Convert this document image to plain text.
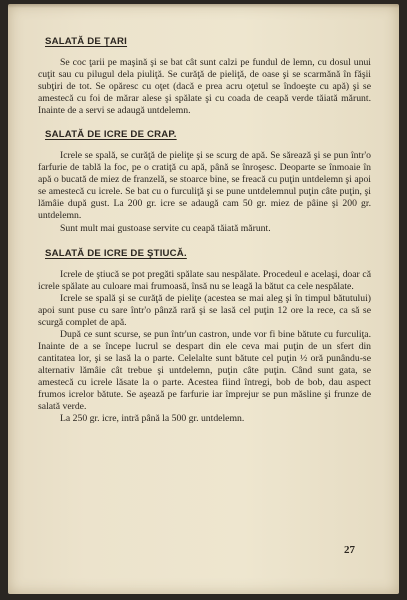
SALATĂ DE ŢARI

Se coc ţarii pe maşină şi se bat cât sunt calzi pe fundul de lemn, cu dosul unui cuţit sau cu pilugul dela piuliţă. Se curăţă de pieliţă, de oase şi se scarmănă în făşii subţiri de tot. Se opăresc cu oţet (dacă e prea acru oţetul se îndoeşte cu apă) şi se amestecă cu foi de mărar alese şi spălate şi cu coada de ceapă verde tăiată mărunt. Inainte de a servi se adaugă untdelemn.

SALATĂ DE ICRE DE CRAP.

Icrele se spală, se curăţă de pieliţe şi se scurg de apă. Se sărează şi se pun într'o farfurie de tablă la foc, pe o cratiţă cu apă, până se înroşesc. Deoparte se înmoaie în apă o bucată de miez de franzelă, se stoarce bine, se freacă cu puţin untdelemn şi apoi se amestecă cu icrele. Se bat cu o furculiţă şi se pune untdelemnul puţin câte puţin, şi lămâie după gust. La 200 gr. icre se adaugă cam 50 gr. miez de pâine şi 200 gr. untdelemn.

Sunt mult mai gustoase servite cu ceapă tăiată mărunt.

SALATĂ DE ICRE DE ŞTIUCĂ.

Icrele de ştiucă se pot pregăti spălate sau nespălate. Procedeul e acelaşi, doar că icrele spălate au culoare mai frumoasă, însă nu se leagă la bătut ca cele nespălate.

Icrele se spală şi se curăţă de pieliţe (acestea se mai aleg şi în timpul bătutului) apoi sunt puse cu sare într'o pânză rară şi se lasă cel puţin 12 ore la rece, ca să se scurgă complet de apă.

După ce sunt scurse, se pun într'un castron, unde vor fi bine bătute cu furculiţa. Inainte de a se începe lucrul se despart din ele ceva mai puţin de un sfert din cantitatea lor, şi se lasă la o parte. Celelalte sunt bătute cel puţin ½ oră punându-se alternativ lămâie cât trebue şi untdelemn, puţin câte puţin. Când sunt gata, se amestecă cu icrele lăsate la o parte. Acestea fiind întregi, bob de bob, dau aspect frumos icrelor bătute. Se aşează pe farfurie iar împrejur se pun măsline şi frunze de salată verde.

La 250 gr. icre, intră până la 500 gr. untdelemn.

27
